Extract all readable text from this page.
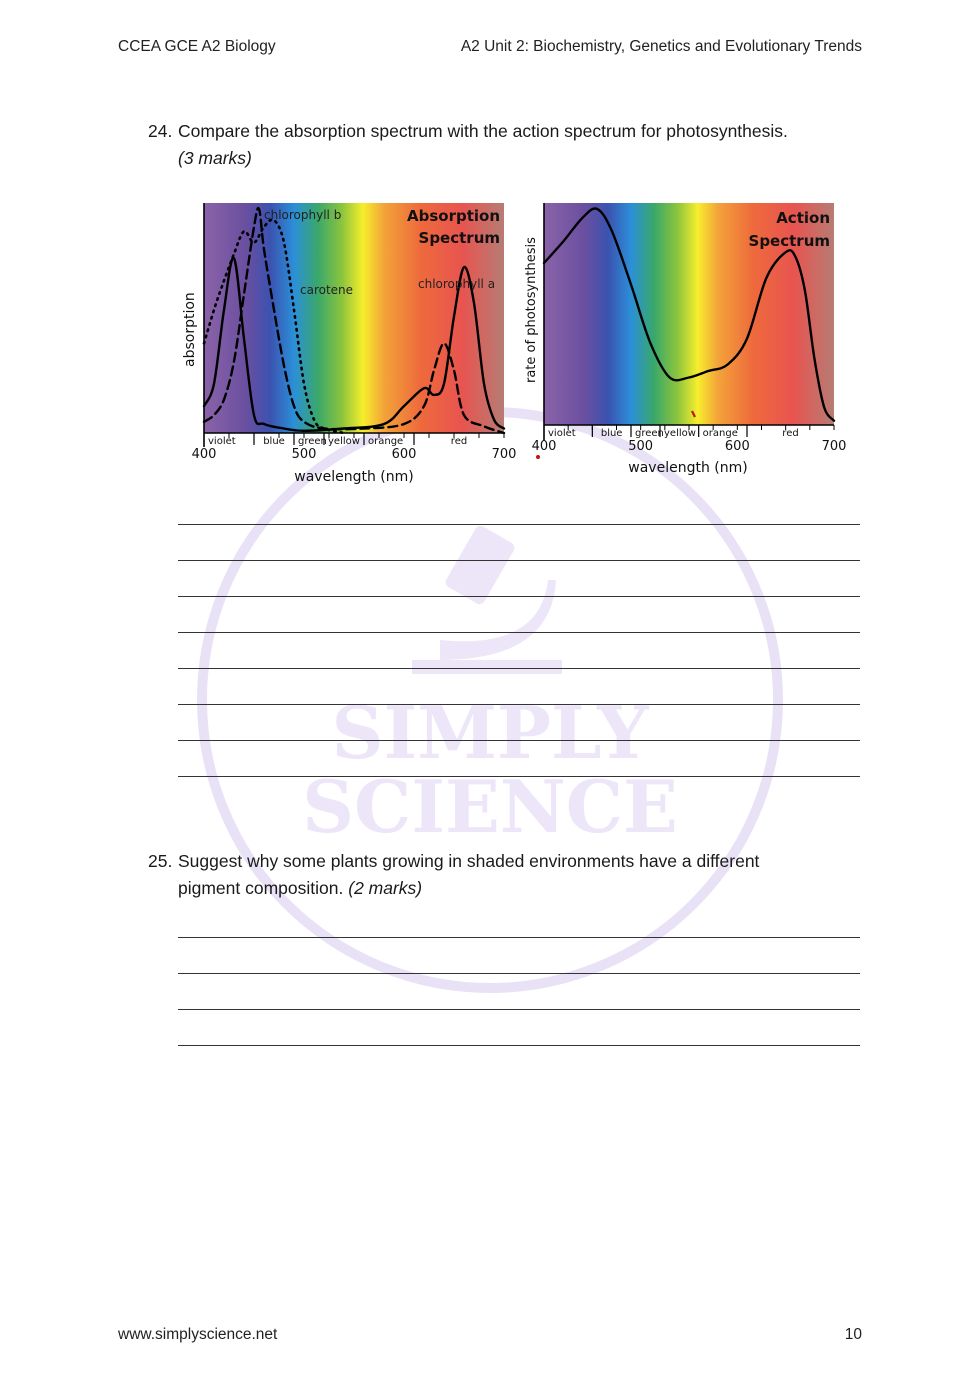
SIMPLY
SCIENCE
CCEA GCE A2 Biology	A2 Unit 2: Biochemistry, Genetics and Evolutionary Trends
24. Compare the absorption spectrum with the action spectrum for photosynthesis.
(3 marks)
violet	blue green yellow orange	red
400	500	600	700
Absorption
Spectrum
chlorophyll b
carotene	chlorophyll a
absorption
wavelength (nm)
violet	blue green yellow orange	red
400	500	600	700
Action
Spectrum
rate of photosynthesis
wavelength (nm)
25. Suggest why some plants growing in shaded environments have a different
pigment composition. (2 marks)
www.simplyscience.net	10
